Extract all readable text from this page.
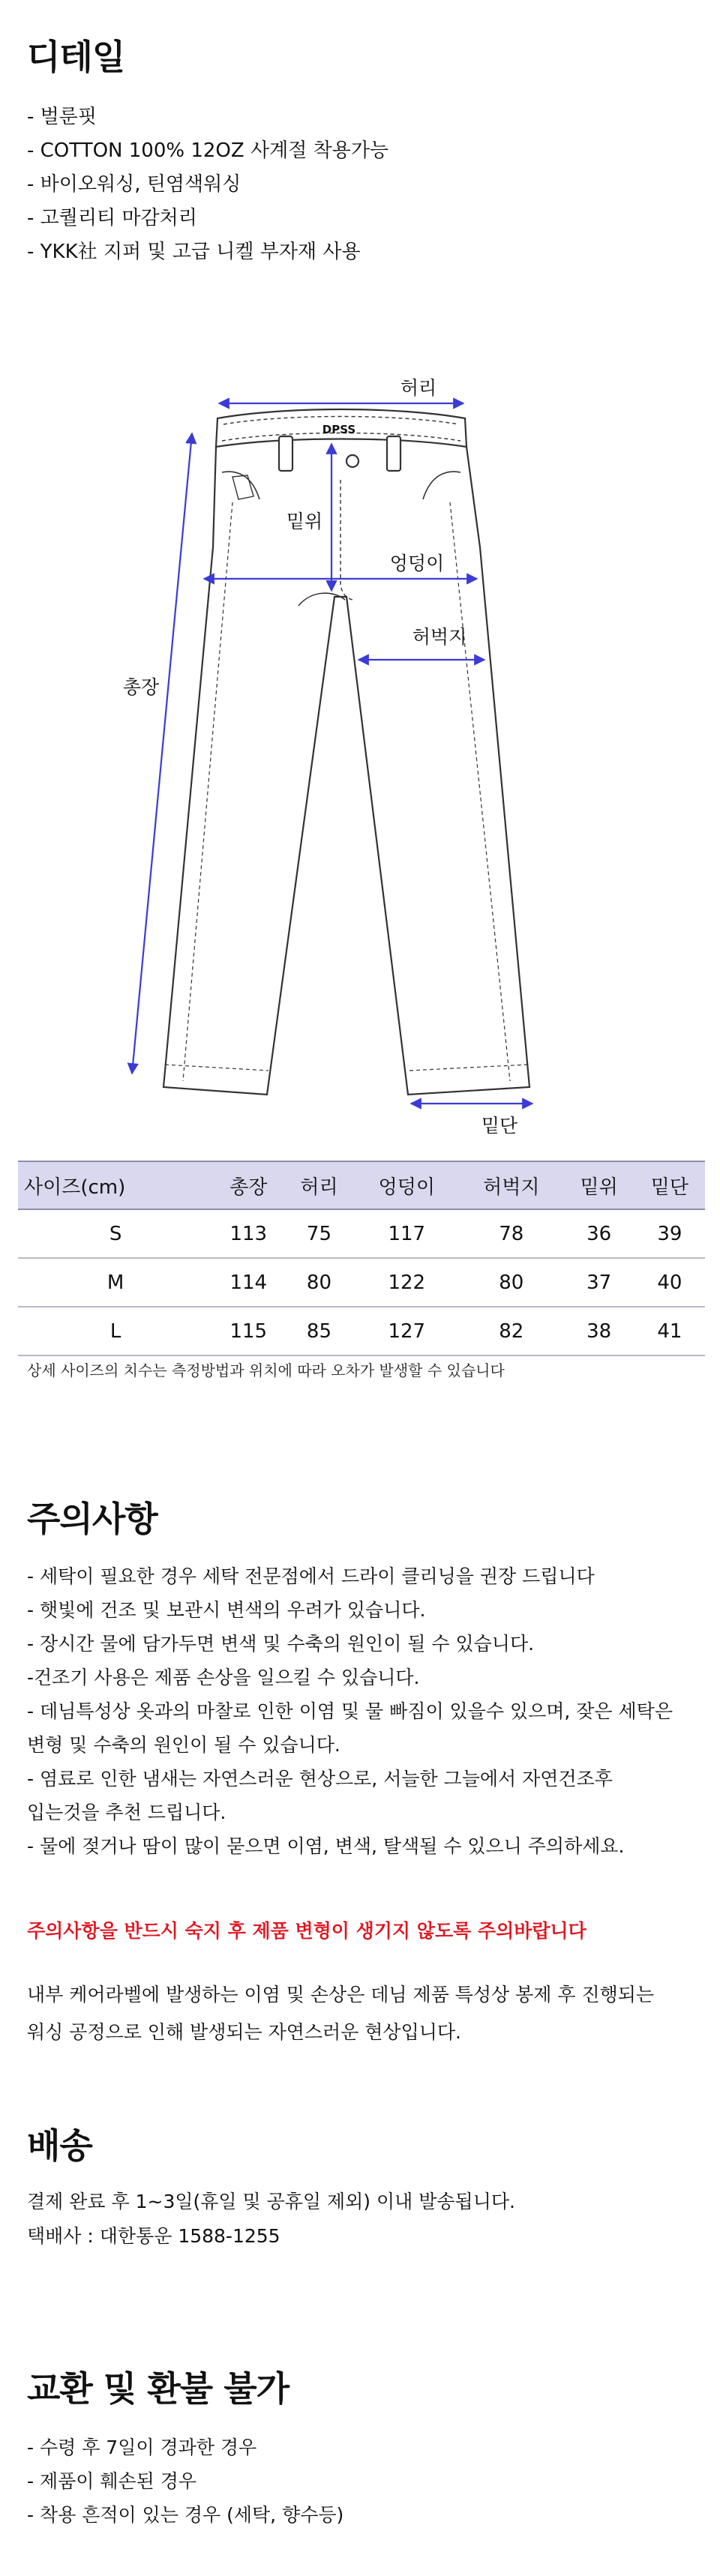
디테일
- 벌룬핏
- COTTON 100% 12OZ 사계절 착용가능
- 바이오워싱, 틴염색워싱
- 고퀄리티 마감처리
- YKK社 지퍼 및 고급 니켈 부자재 사용
DPSS
허리
밑위
엉덩이
허벅지
총장
밑단
사이즈(cm)	총장	허리	엉덩이	허벅지	밑위	밑단
S	113	75	117	78	36	39
M	114	80	122	80	37	40
L	115	85	127	82	38	41

상세 사이즈의 치수는 측정방법과 위치에 따라 오차가 발생할 수 있습니다

주의사항
- 세탁이 필요한 경우 세탁 전문점에서 드라이 클리닝을 권장 드립니다
- 햇빛에 건조 및 보관시 변색의 우려가 있습니다.
- 장시간 물에 담가두면 변색 및 수축의 원인이 될 수 있습니다.
-건조기 사용은 제품 손상을 일으킬 수 있습니다.
- 데님특성상 옷과의 마찰로 인한 이염 및 물 빠짐이 있을수 있으며, 잦은 세탁은
변형 및 수축의 원인이 될 수 있습니다.
- 염료로 인한 냄새는 자연스러운 현상으로, 서늘한 그늘에서 자연건조후
입는것을 추천 드립니다.
- 물에 젖거나 땀이 많이 묻으면 이염, 변색, 탈색될 수 있으니 주의하세요.

주의사항을 반드시 숙지 후 제품 변형이 생기지 않도록 주의바랍니다

내부 케어라벨에 발생하는 이염 및 손상은 데님 제품 특성상 봉제 후 진행되는
워싱 공정으로 인해 발생되는 자연스러운 현상입니다.

배송

결제 완료 후 1~3일(휴일 및 공휴일 제외) 이내 발송됩니다.
택배사 : 대한통운 1588-1255

교환 및 환불 불가
- 수령 후 7일이 경과한 경우
- 제품이 훼손된 경우
- 착용 흔적이 있는 경우 (세탁, 향수등)
